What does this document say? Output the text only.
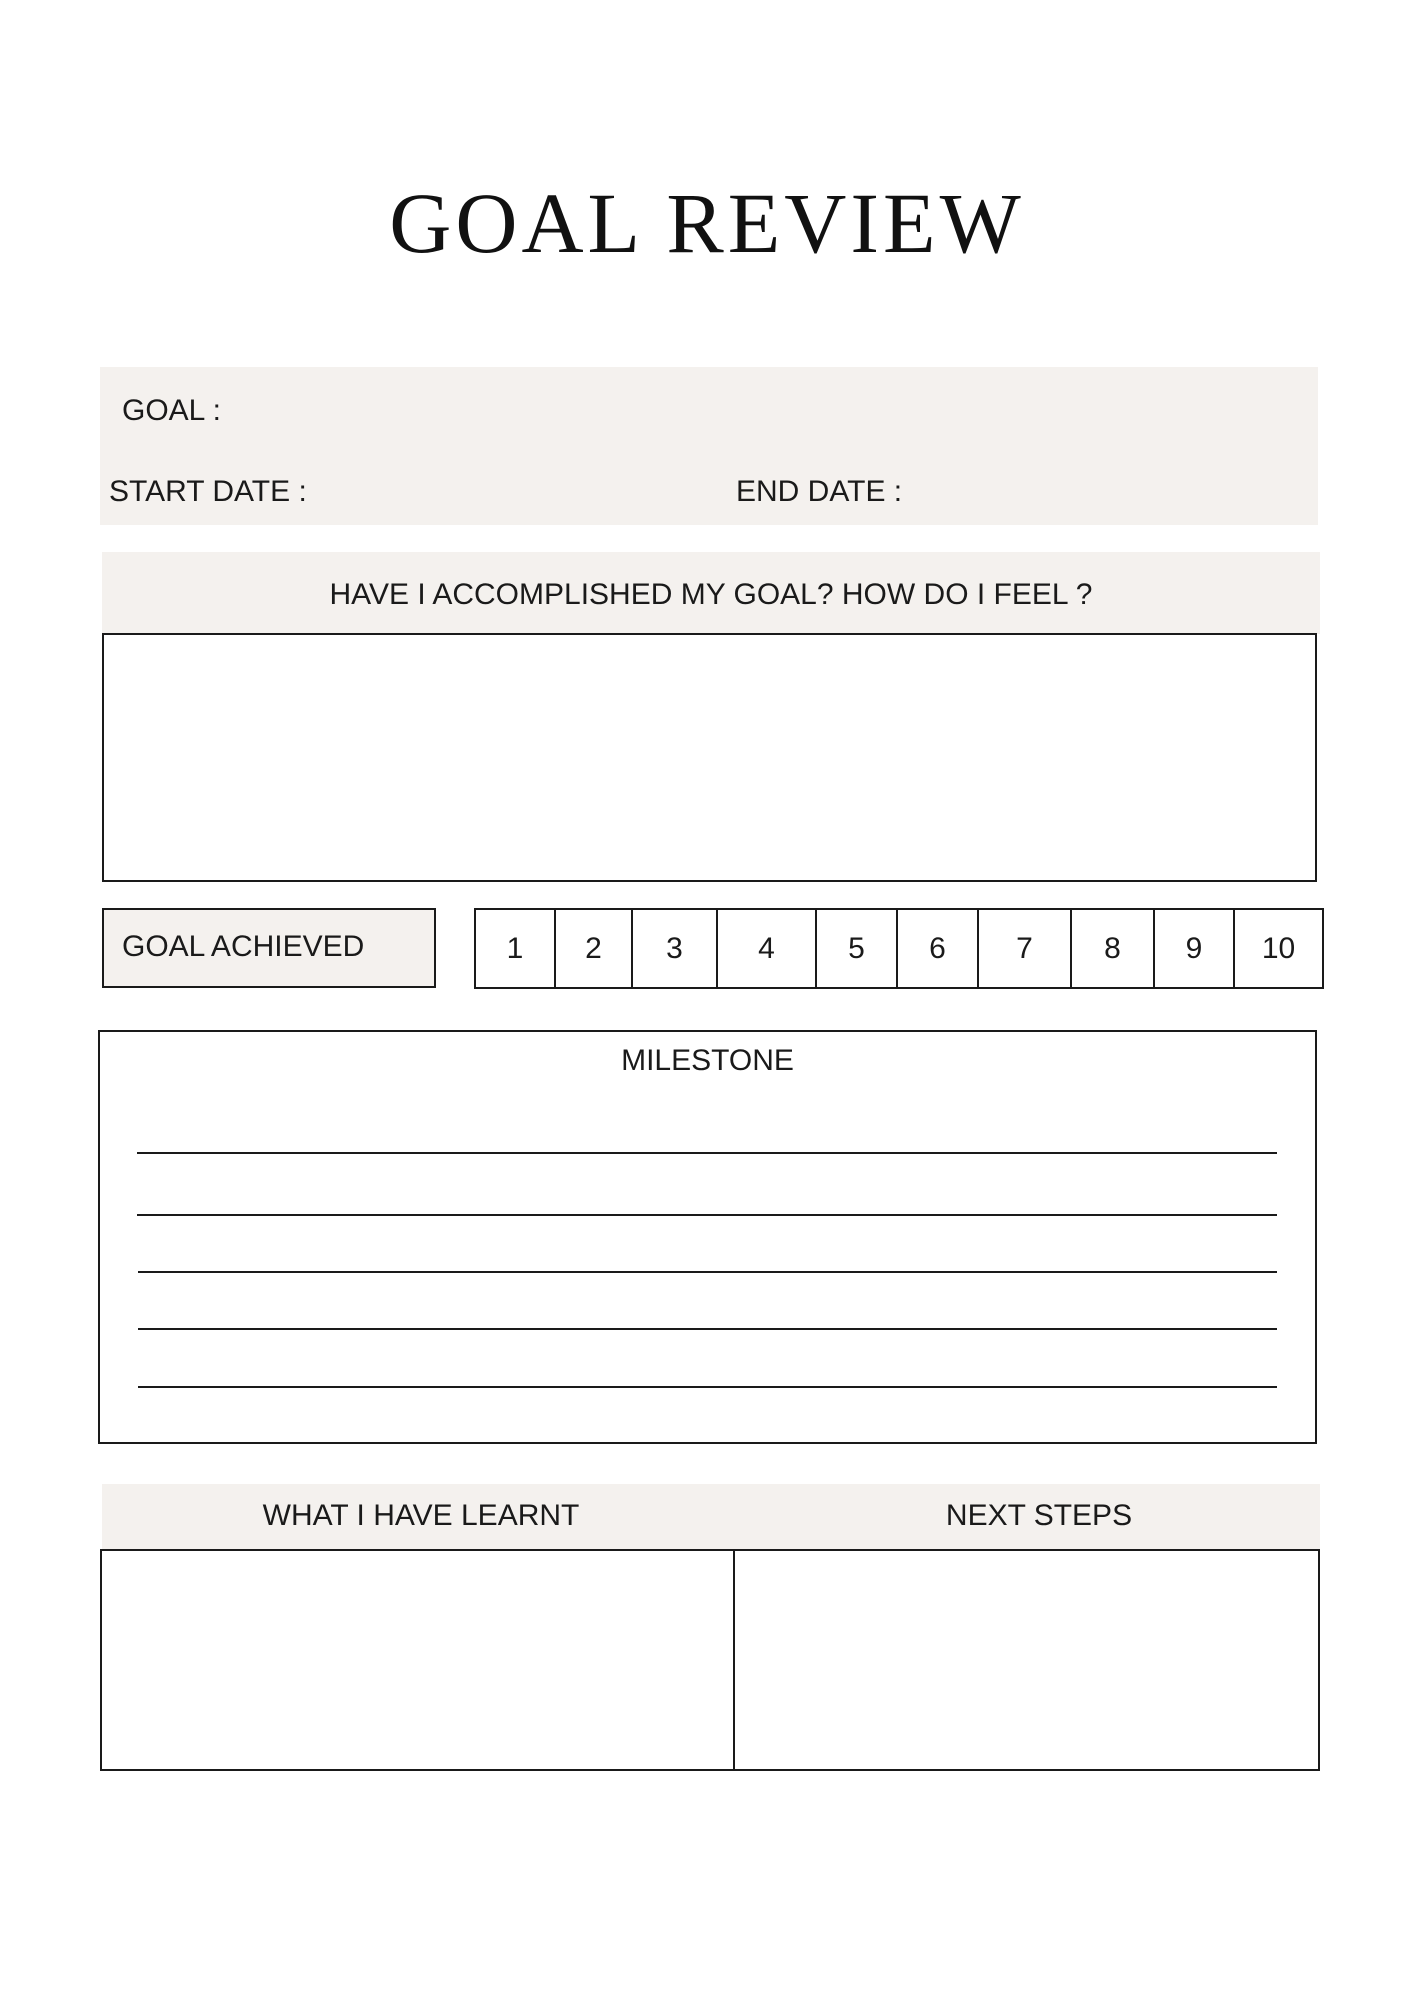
GOAL REVIEW
GOAL :
START DATE :	END DATE :
HAVE I ACCOMPLISHED MY GOAL? HOW DO I FEEL ?
GOAL ACHIEVED	1	2	3	4	5	6	7	8	9	10
MILESTONE
WHAT I HAVE LEARNT	NEXT STEPS
